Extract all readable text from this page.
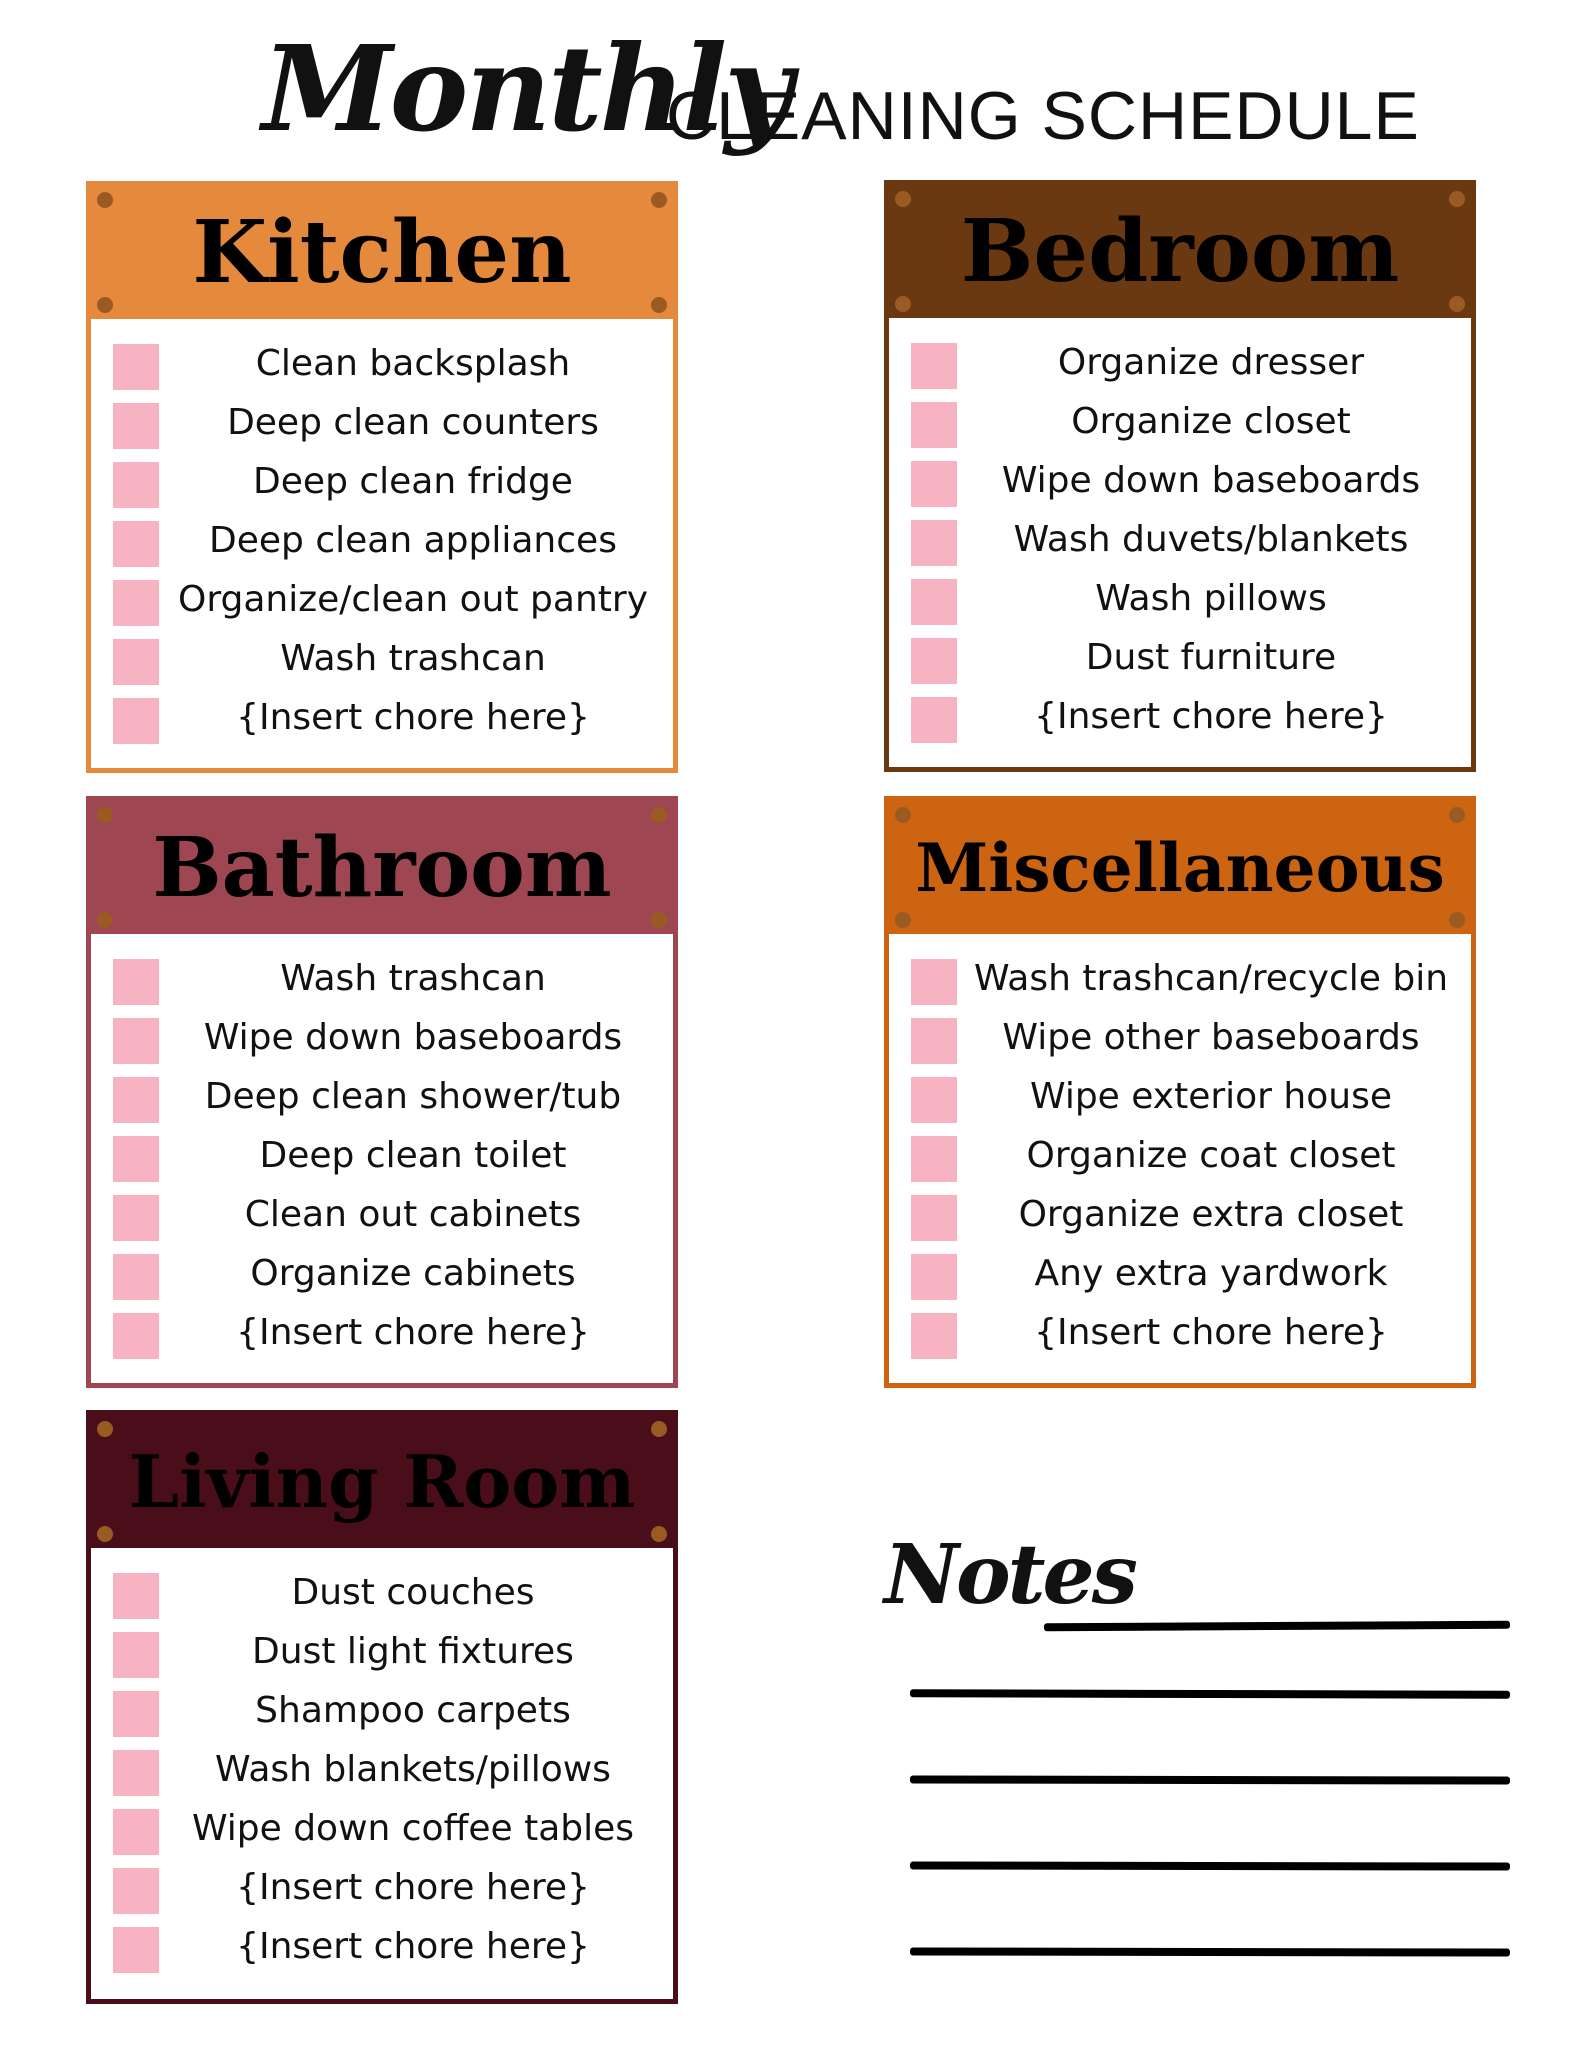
Monthly
CLEANING SCHEDULE
Kitchen
Clean backsplash
Deep clean counters
Deep clean fridge
Deep clean appliances
Organize/clean out pantry
Wash trashcan
{Insert chore here}
Bedroom
Organize dresser
Organize closet
Wipe down baseboards
Wash duvets/blankets
Wash pillows
Dust furniture
{Insert chore here}
Bathroom
Wash trashcan
Wipe down baseboards
Deep clean shower/tub
Deep clean toilet
Clean out cabinets
Organize cabinets
{Insert chore here}
Miscellaneous
Wash trashcan/recycle bin
Wipe other baseboards
Wipe exterior house
Organize coat closet
Organize extra closet
Any extra yardwork
{Insert chore here}
Living Room
Dust couches
Dust light fixtures
Shampoo carpets
Wash blankets/pillows
Wipe down coffee tables
{Insert chore here}
{Insert chore here}
Notes
